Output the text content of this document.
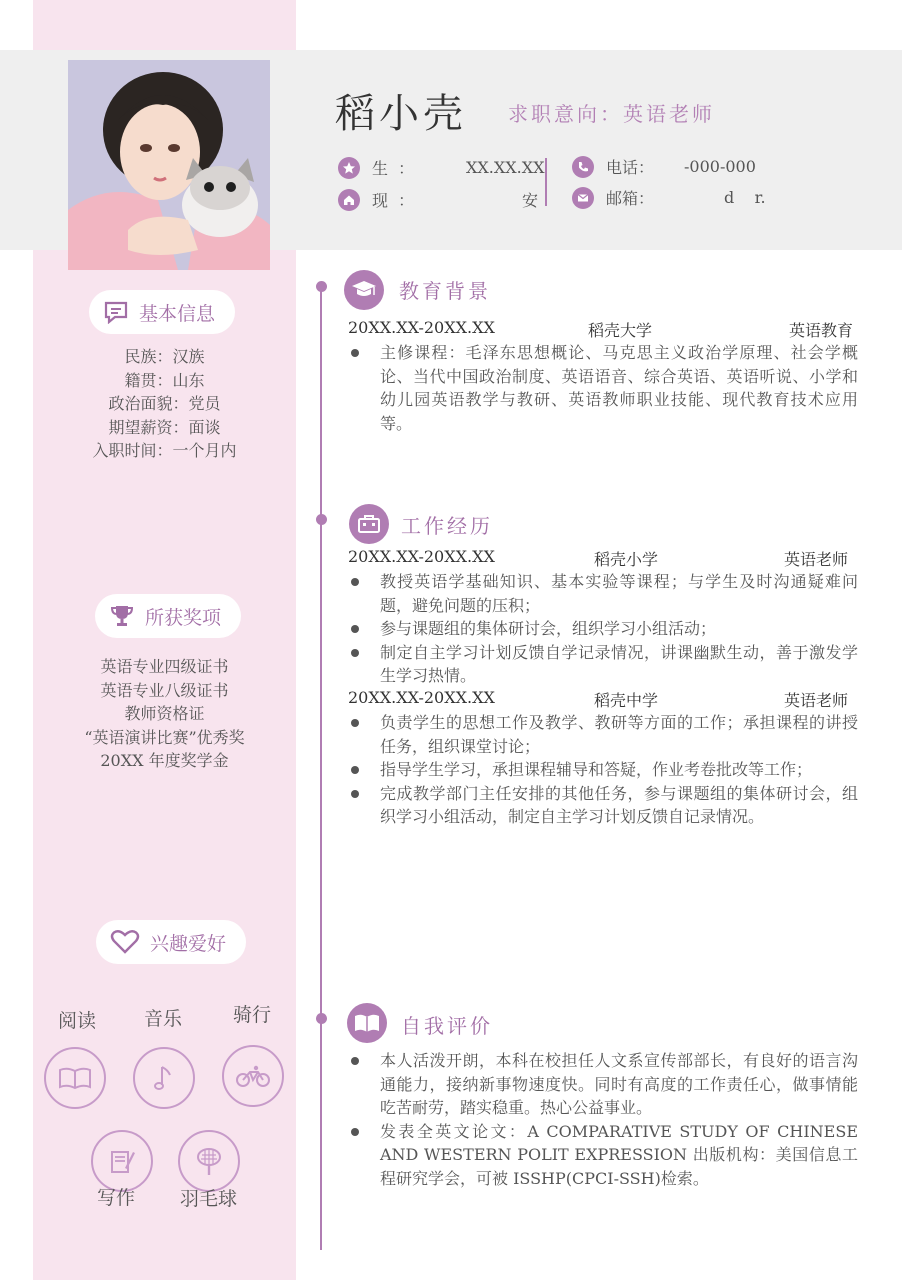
稻小壳 求职意向：英语老师
生  ：	XX.XX.XX
现  ：	安
电话： -000-000
邮箱：	d    r.
基本信息
民族：汉族
籍贯：山东
政治面貌：党员
期望薪资：面谈
入职时间：一个月内
所获奖项
英语专业四级证书
英语专业八级证书
教师资格证
“英语演讲比赛”优秀奖
20XX 年度奖学金
兴趣爱好
阅读	音乐	骑行
写作 羽毛球
教育背景
20XX.XX-20XX.XX	稻壳大学	英语教育
主修课程：毛泽东思想概论、马克思主义政治学原理、社会学概论、当代中国政治制度、英语语音、综合英语、英语听说、小学和幼儿园英语教学与教研、英语教师职业技能、现代教育技术应用等。
工作经历
20XX.XX-20XX.XX	稻壳小学	英语老师
教授英语学基础知识、基本实验等课程；与学生及时沟通疑难问题，避免问题的压积；
参与课题组的集体研讨会，组织学习小组活动；
制定自主学习计划反馈自学记录情况，讲课幽默生动，善于激发学生学习热情。
20XX.XX-20XX.XX	稻壳中学	英语老师
负责学生的思想工作及教学、教研等方面的工作；承担课程的讲授任务，组织课堂讨论；
指导学生学习，承担课程辅导和答疑，作业考卷批改等工作；
完成教学部门主任安排的其他任务，参与课题组的集体研讨会，组织学习小组活动，制定自主学习计划反馈自记录情况。
自我评价
本人活泼开朗，本科在校担任人文系宣传部部长，有良好的语言沟通能力，接纳新事物速度快。同时有高度的工作责任心，做事情能吃苦耐劳，踏实稳重。热心公益事业。
发表全英文论文：A COMPARATIVE STUDY OF CHINESE AND WESTERN POLIT EXPRESSION 出版机构：美国信息工程研究学会，可被 ISSHP(CPCI-SSH)检索。
